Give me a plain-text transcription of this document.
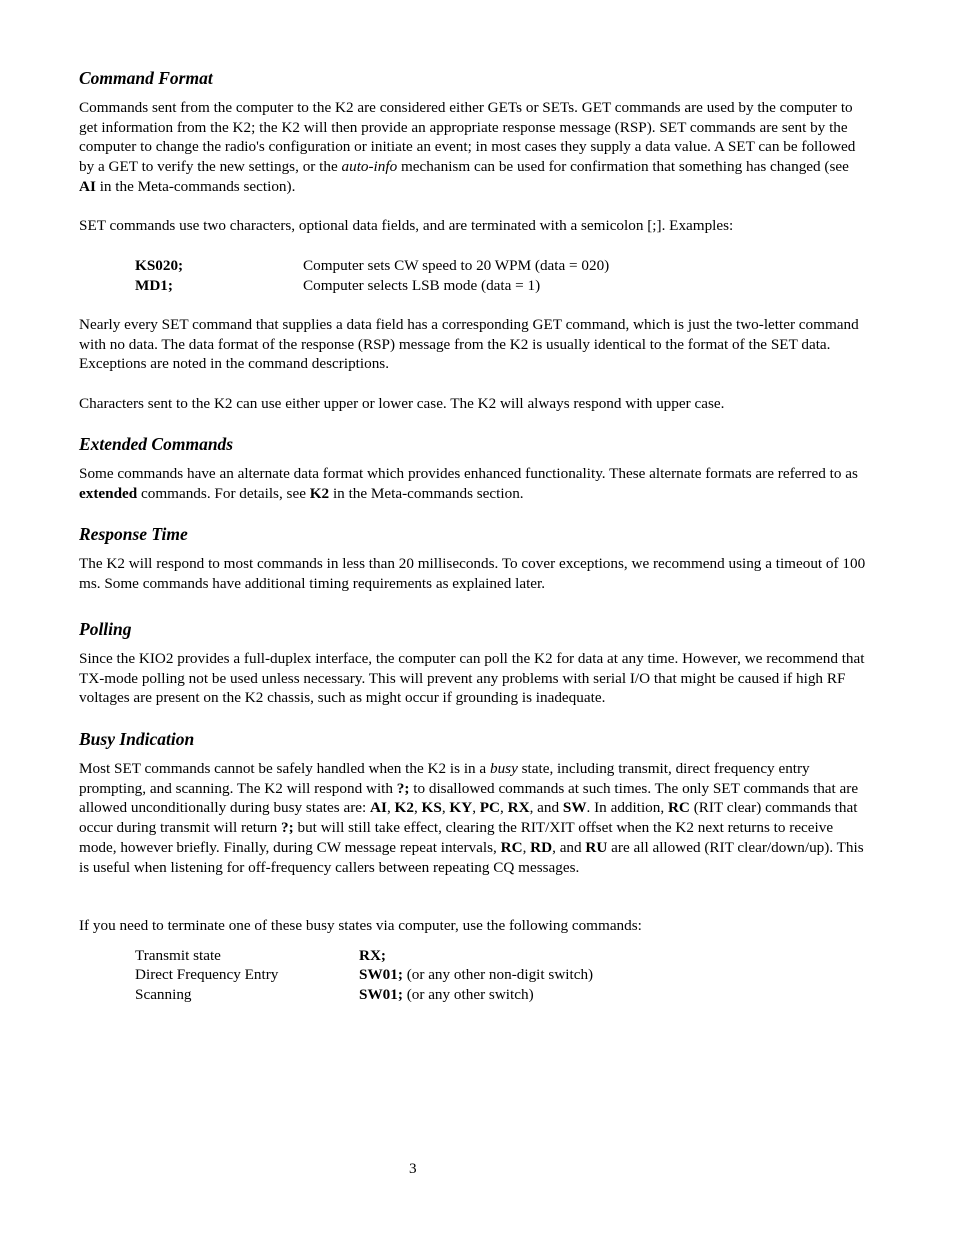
Command Format

Commands sent from the computer to the K2 are considered either GETs or SETs. GET commands are used by the computer to get information from the K2; the K2 will then provide an appropriate response message (RSP). SET commands are sent by the computer to change the radio's configuration or initiate an event; in most cases they supply a data value. A SET can be followed by a GET to verify the new settings, or the auto-info mechanism can be used for confirmation that something has changed (see AI in the Meta-commands section).

SET commands use two characters, optional data fields, and are terminated with a semicolon [;]. Examples:

KS020;	Computer sets CW speed to 20 WPM (data = 020)
MD1;	Computer selects LSB mode (data = 1)

Nearly every SET command that supplies a data field has a corresponding GET command, which is just the two-letter command with no data. The data format of the response (RSP) message from the K2 is usually identical to the format of the SET data. Exceptions are noted in the command descriptions.

Characters sent to the K2 can use either upper or lower case. The K2 will always respond with upper case.

Extended Commands

Some commands have an alternate data format which provides enhanced functionality. These alternate formats are referred to as extended commands. For details, see K2 in the Meta-commands section.

Response Time

The K2 will respond to most commands in less than 20 milliseconds. To cover exceptions, we recommend using a timeout of 100 ms. Some commands have additional timing requirements as explained later.

Polling

Since the KIO2 provides a full-duplex interface, the computer can poll the K2 for data at any time. However, we recommend that TX-mode polling not be used unless necessary. This will prevent any problems with serial I/O that might be caused if high RF voltages are present on the K2 chassis, such as might occur if grounding is inadequate.

Busy Indication

Most SET commands cannot be safely handled when the K2 is in a busy state, including transmit, direct frequency entry prompting, and scanning. The K2 will respond with ?; to disallowed commands at such times. The only SET commands that are allowed unconditionally during busy states are: AI, K2, KS, KY, PC, RX, and SW. In addition, RC (RIT clear) commands that occur during transmit will return ?; but will still take effect, clearing the RIT/XIT offset when the K2 next returns to receive mode, however briefly. Finally, during CW message repeat intervals, RC, RD, and RU are all allowed (RIT clear/down/up). This is useful when listening for off-frequency callers between repeating CQ messages.

If you need to terminate one of these busy states via computer, use the following commands:

Transmit state	RX;
Direct Frequency Entry	SW01; (or any other non-digit switch)
Scanning	SW01; (or any other switch)
3
